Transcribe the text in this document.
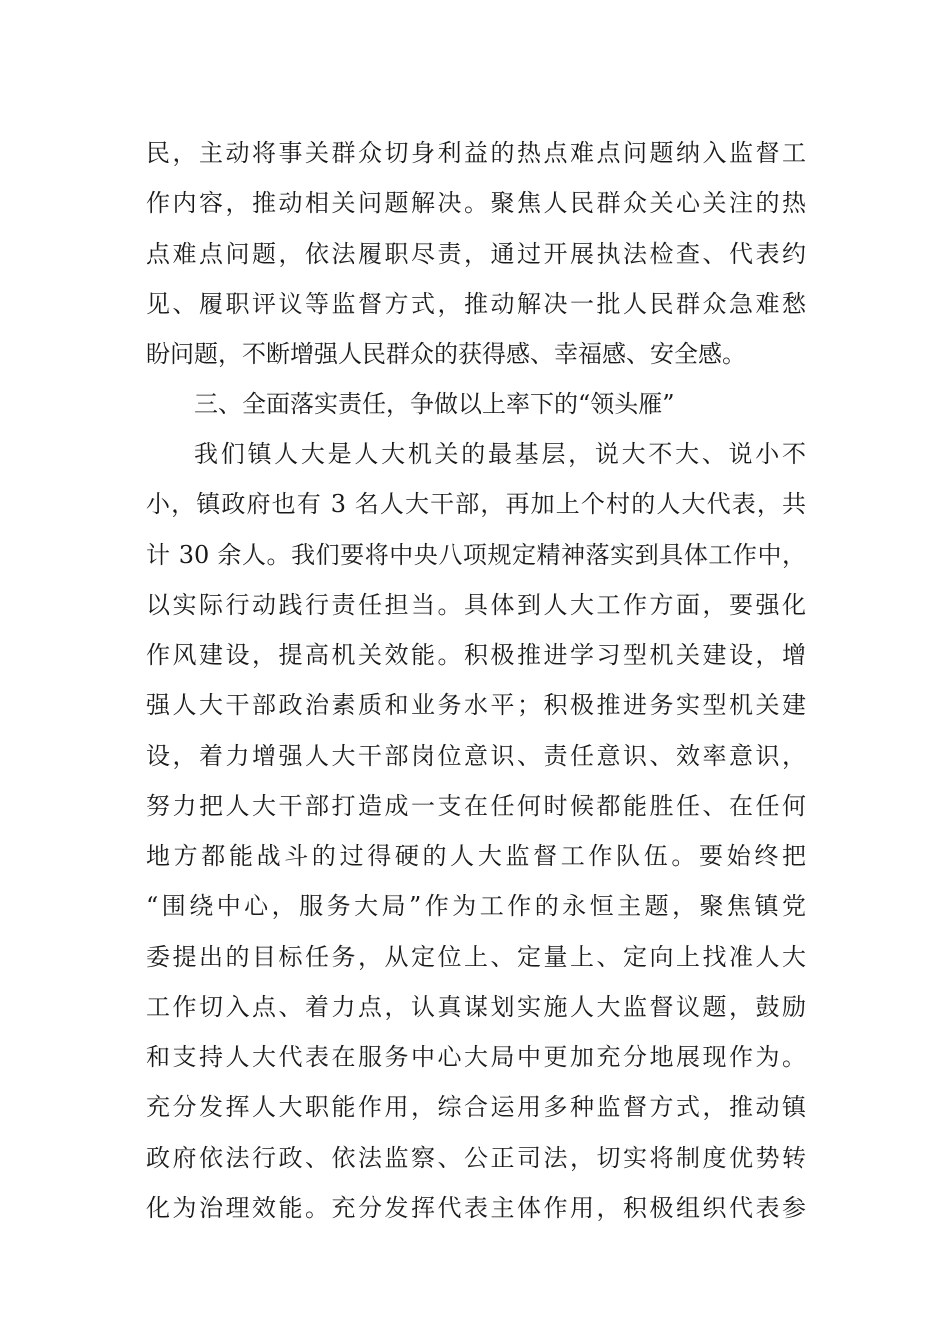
民，主动将事关群众切身利益的热点难点问题纳入监督工
作内容，推动相关问题解决。聚焦人民群众关心关注的热
点难点问题，依法履职尽责，通过开展执法检查、代表约
见、履职评议等监督方式，推动解决一批人民群众急难愁
盼问题，不断增强人民群众的获得感、幸福感、安全感。
三、全面落实责任，争做以上率下的“领头雁”
我们镇人大是人大机关的最基层，说大不大、说小不
小，镇政府也有 3 名人大干部，再加上个村的人大代表，共
计 30 余人。我们要将中央八项规定精神落实到具体工作中，
以实际行动践行责任担当。具体到人大工作方面，要强化
作风建设，提高机关效能。积极推进学习型机关建设，增
强人大干部政治素质和业务水平；积极推进务实型机关建
设，着力增强人大干部岗位意识、责任意识、效率意识，
努力把人大干部打造成一支在任何时候都能胜任、在任何
地方都能战斗的过得硬的人大监督工作队伍。要始终把
“围绕中心，服务大局”作为工作的永恒主题，聚焦镇党
委提出的目标任务，从定位上、定量上、定向上找准人大
工作切入点、着力点，认真谋划实施人大监督议题，鼓励
和支持人大代表在服务中心大局中更加充分地展现作为。
充分发挥人大职能作用，综合运用多种监督方式，推动镇
政府依法行政、依法监察、公正司法，切实将制度优势转
化为治理效能。充分发挥代表主体作用，积极组织代表参
